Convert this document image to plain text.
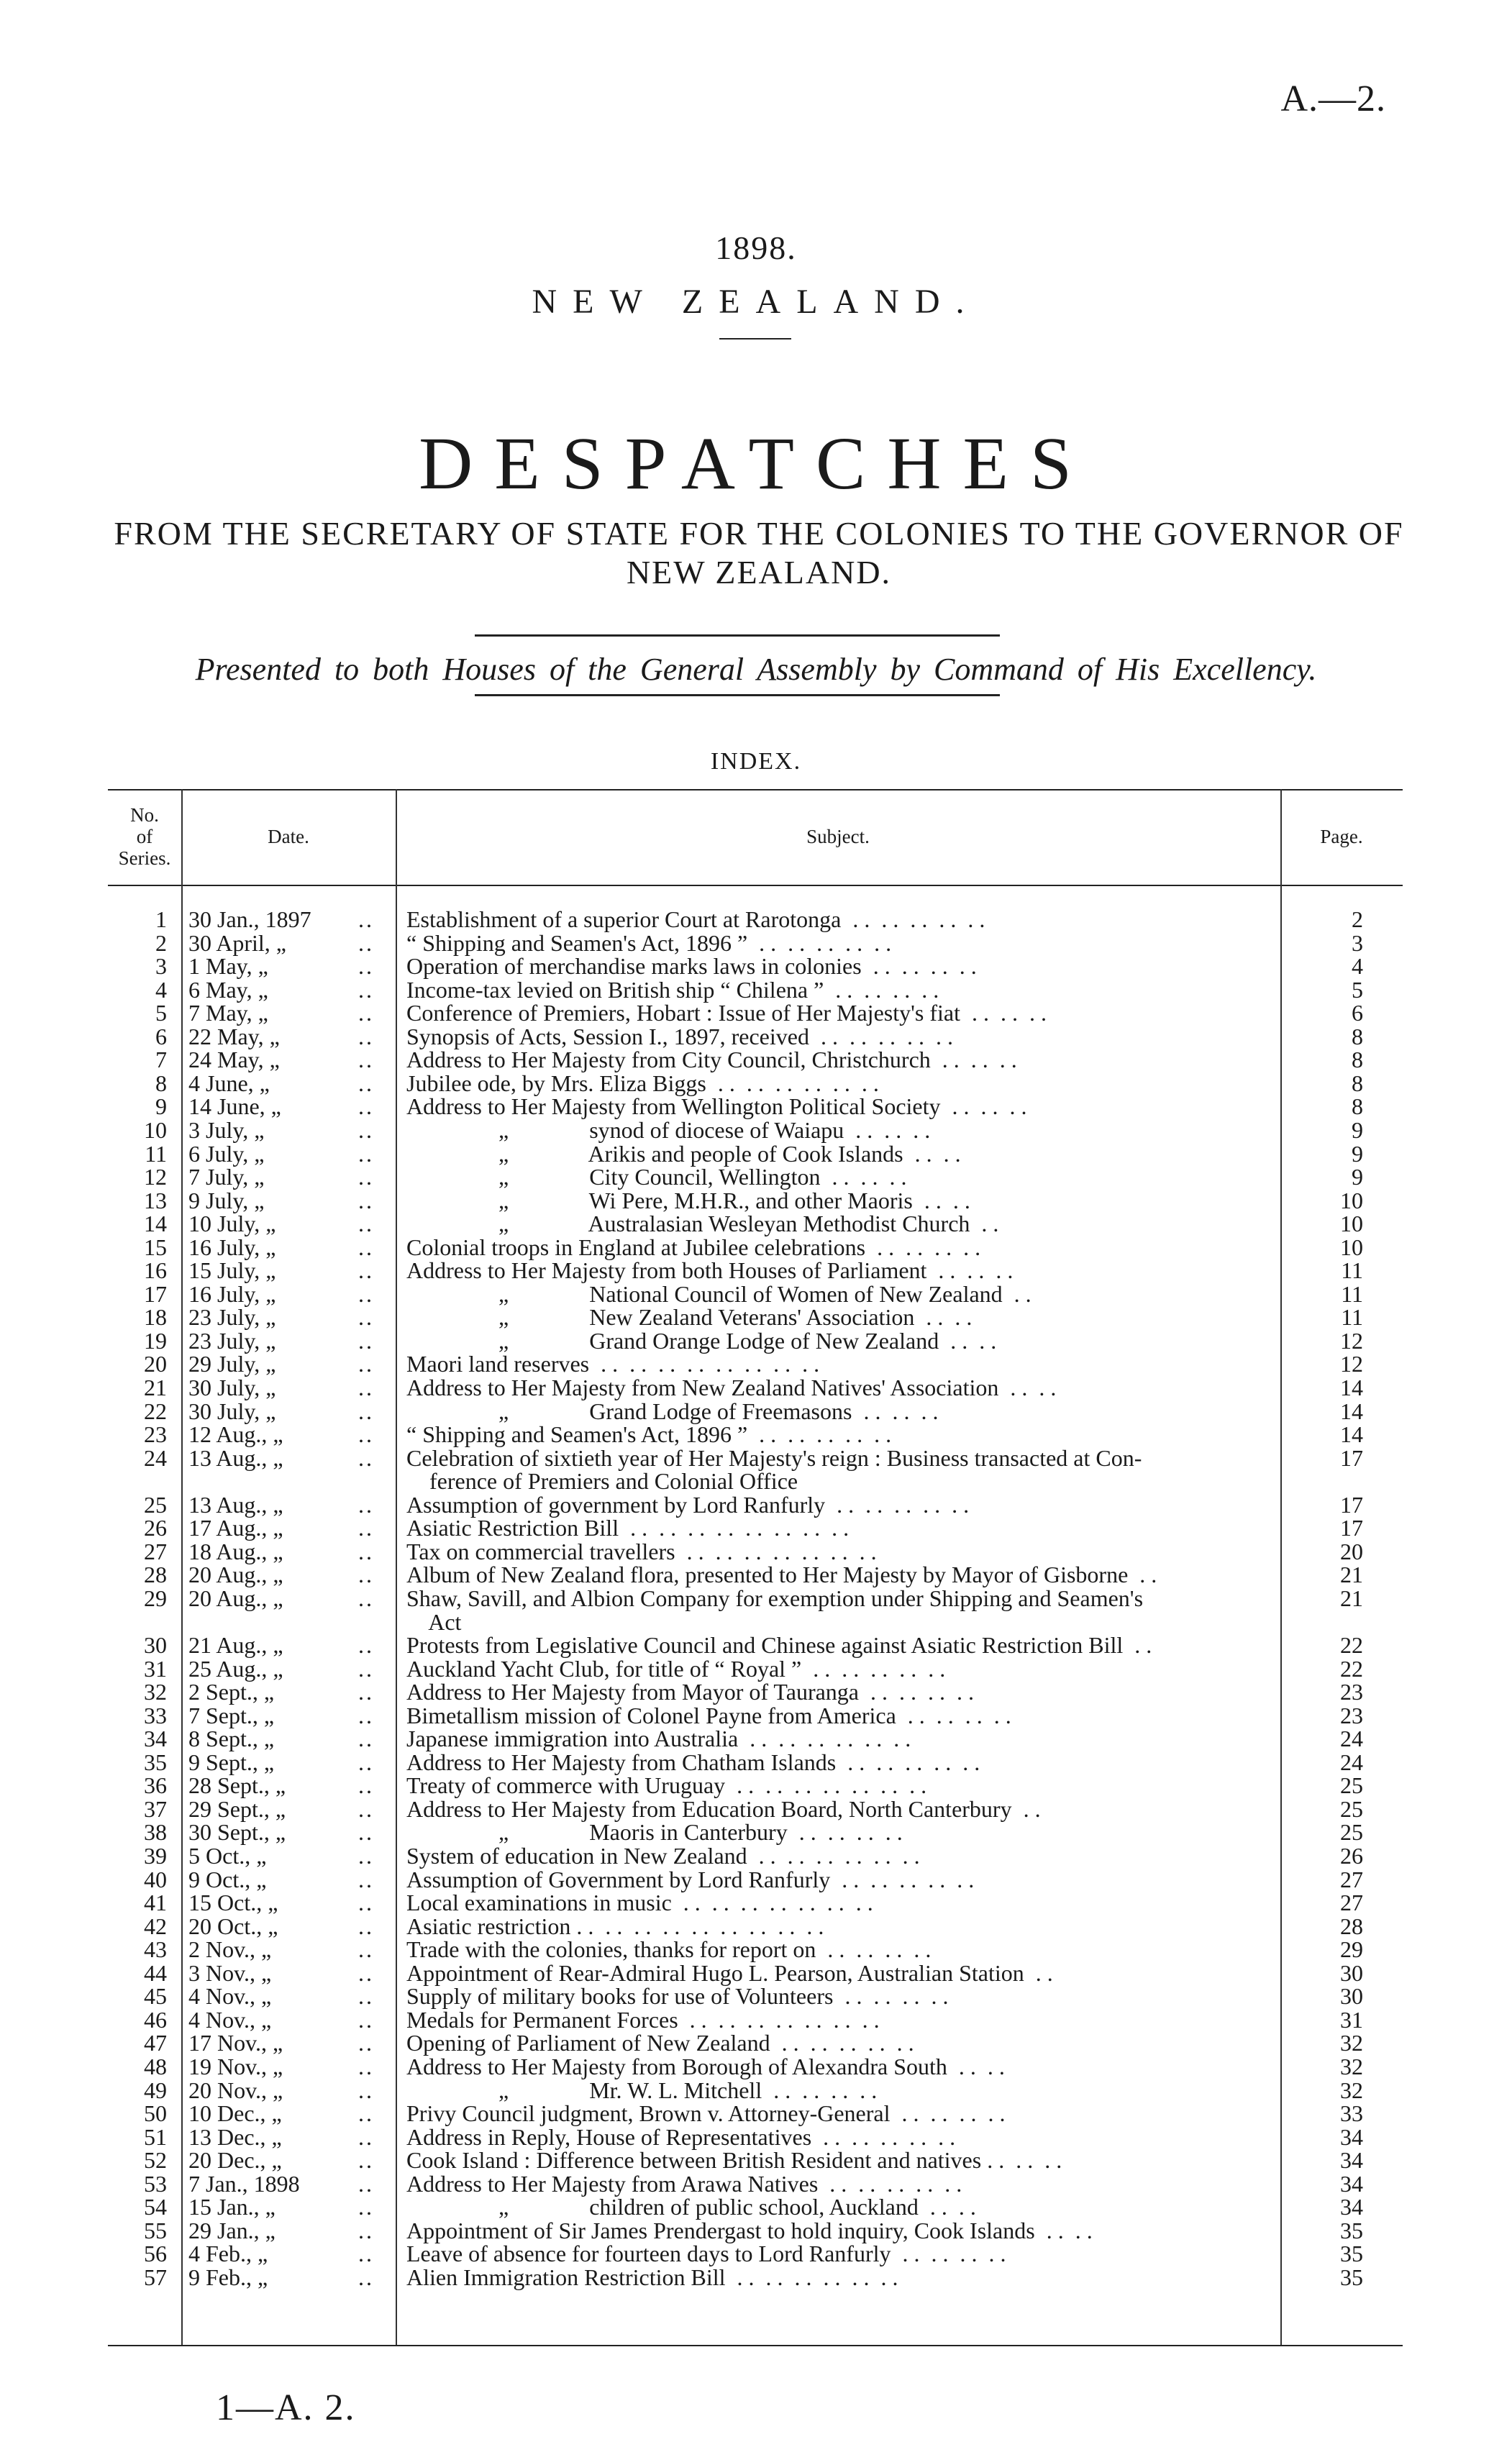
A.—2.
1898.
NEW ZEALAND.
DESPATCHES
FROM THE SECRETARY OF STATE FOR THE COLONIES TO THE GOVERNOR OF NEW ZEALAND.
Presented to both Houses of the General Assembly by Command of His Excellency.
INDEX.
No.
of
Series.
Date.	Subject.	Page.
1 30 Jan., 1897 .. Establishment of a superior Court at Rarotonga  . .  . .  . .  . .  . .	2
2 30 April, „	.. “ Shipping and Seamen's Act, 1896 ”  . .  . .  . .  . .  . .	3
3 1 May, „	.. Operation of merchandise marks laws in colonies  . .  . .  . .  . .	4
4 6 May, „	.. Income-tax levied on British ship “ Chilena ”  . .  . .  . .  . .	5
5 7 May, „	.. Conference of Premiers, Hobart : Issue of Her Majesty's fiat  . .  . .  . .	6
6 22 May, „	.. Synopsis of Acts, Session I., 1897, received  . .  . .  . .  . .  . .	8
7 24 May, „	.. Address to Her Majesty from City Council, Christchurch  . .  . .  . .	8
8 4 June, „	.. Jubilee ode, by Mrs. Eliza Biggs  . .  . .  . .  . .  . .  . .	8
9 14 June, „	.. Address to Her Majesty from Wellington Political Society  . .  . .  . .	8
10 3 July, „	.. „              synod of diocese of Waiapu  . .  . .  . .	9
11 6 July, „	.. „              Arikis and people of Cook Islands  . .  . .	9
12 7 July, „	.. „              City Council, Wellington  . .  . .  . .	9
13 9 July, „	.. „              Wi Pere, M.H.R., and other Maoris  . .  . .	10
14 10 July, „	.. „              Australasian Wesleyan Methodist Church  . .	10
15 16 July, „	.. Colonial troops in England at Jubilee celebrations  . .  . .  . .  . .	10
16 15 July, „	.. Address to Her Majesty from both Houses of Parliament  . .  . .  . .	11
17 16 July, „	.. „              National Council of Women of New Zealand  . .	11
18 23 July, „	.. „              New Zealand Veterans' Association  . .  . .	11
19 23 July, „	.. „              Grand Orange Lodge of New Zealand  . .  . .	12
20 29 July, „	.. Maori land reserves  . .  . .  . .  . .  . .  . .  . .  . .	12
21 30 July, „	.. Address to Her Majesty from New Zealand Natives' Association  . .  . .	14
22 30 July, „	.. „              Grand Lodge of Freemasons  . .  . .  . .	14
23 12 Aug., „	.. “ Shipping and Seamen's Act, 1896 ”  . .  . .  . .  . .  . .	14
24 13 Aug., „	.. Celebration of sixtieth year of Her Majesty's reign : Business transacted at Con-	17
ference of Premiers and Colonial Office
25 13 Aug., „	.. Assumption of government by Lord Ranfurly  . .  . .  . .  . .  . .	17
26 17 Aug., „	.. Asiatic Restriction Bill  . .  . .  . .  . .  . .  . .  . .  . .	17
27 18 Aug., „	.. Tax on commercial travellers  . .  . .  . .  . .  . .  . .  . .	20
28 20 Aug., „	.. Album of New Zealand flora, presented to Her Majesty by Mayor of Gisborne  . .	21
29 20 Aug., „	.. Shaw, Savill, and Albion Company for exemption under Shipping and Seamen's	21
Act
30 21 Aug., „	.. Protests from Legislative Council and Chinese against Asiatic Restriction Bill  . .	22
31 25 Aug., „	.. Auckland Yacht Club, for title of “ Royal ”  . .  . .  . .  . .  . .	22
32 2 Sept., „	.. Address to Her Majesty from Mayor of Tauranga  . .  . .  . .  . .	23
33 7 Sept., „	.. Bimetallism mission of Colonel Payne from America  . .  . .  . .  . .	23
34 8 Sept., „	.. Japanese immigration into Australia  . .  . .  . .  . .  . .  . .	24
35 9 Sept., „	.. Address to Her Majesty from Chatham Islands  . .  . .  . .  . .  . .	24
36 28 Sept., „	.. Treaty of commerce with Uruguay  . .  . .  . .  . .  . .  . .  . .	25
37 29 Sept., „	.. Address to Her Majesty from Education Board, North Canterbury  . .	25
38 30 Sept., „	.. „              Maoris in Canterbury  . .  . .  . .  . .	25
39 5 Oct., „	.. System of education in New Zealand  . .  . .  . .  . .  . .  . .	26
40 9 Oct., „	.. Assumption of Government by Lord Ranfurly  . .  . .  . .  . .  . .	27
41 15 Oct., „	.. Local examinations in music  . .  . .  . .  . .  . .  . .  . .	27
42 20 Oct., „	.. Asiatic restriction . .  . .  . .  . .  . .  . .  . .  . .  . .	28
43 2 Nov., „	.. Trade with the colonies, thanks for report on  . .  . .  . .  . .	29
44 3 Nov., „	.. Appointment of Rear-Admiral Hugo L. Pearson, Australian Station  . .	30
45 4 Nov., „	.. Supply of military books for use of Volunteers  . .  . .  . .  . .	30
46 4 Nov., „	.. Medals for Permanent Forces  . .  . .  . .  . .  . .  . .  . .	31
47 17 Nov., „	.. Opening of Parliament of New Zealand  . .  . .  . .  . .  . .	32
48 19 Nov., „	.. Address to Her Majesty from Borough of Alexandra South  . .  . .	32
49 20 Nov., „	.. „              Mr. W. L. Mitchell  . .  . .  . .  . .	32
50 10 Dec., „	.. Privy Council judgment, Brown v. Attorney-General  . .  . .  . .  . .	33
51 13 Dec., „	.. Address in Reply, House of Representatives  . .  . .  . .  . .  . .	34
52 20 Dec., „	.. Cook Island : Difference between British Resident and natives . .  . .  . .	34
53 7 Jan., 1898	.. Address to Her Majesty from Arawa Natives  . .  . .  . .  . .  . .	34
54 15 Jan., „	.. „              children of public school, Auckland  . .  . .	34
55 29 Jan., „	.. Appointment of Sir James Prendergast to hold inquiry, Cook Islands  . .  . .	35
56 4 Feb., „	.. Leave of absence for fourteen days to Lord Ranfurly  . .  . .  . .  . .	35
57 9 Feb., „	.. Alien Immigration Restriction Bill  . .  . .  . .  . .  . .  . .	35
1—A. 2.
